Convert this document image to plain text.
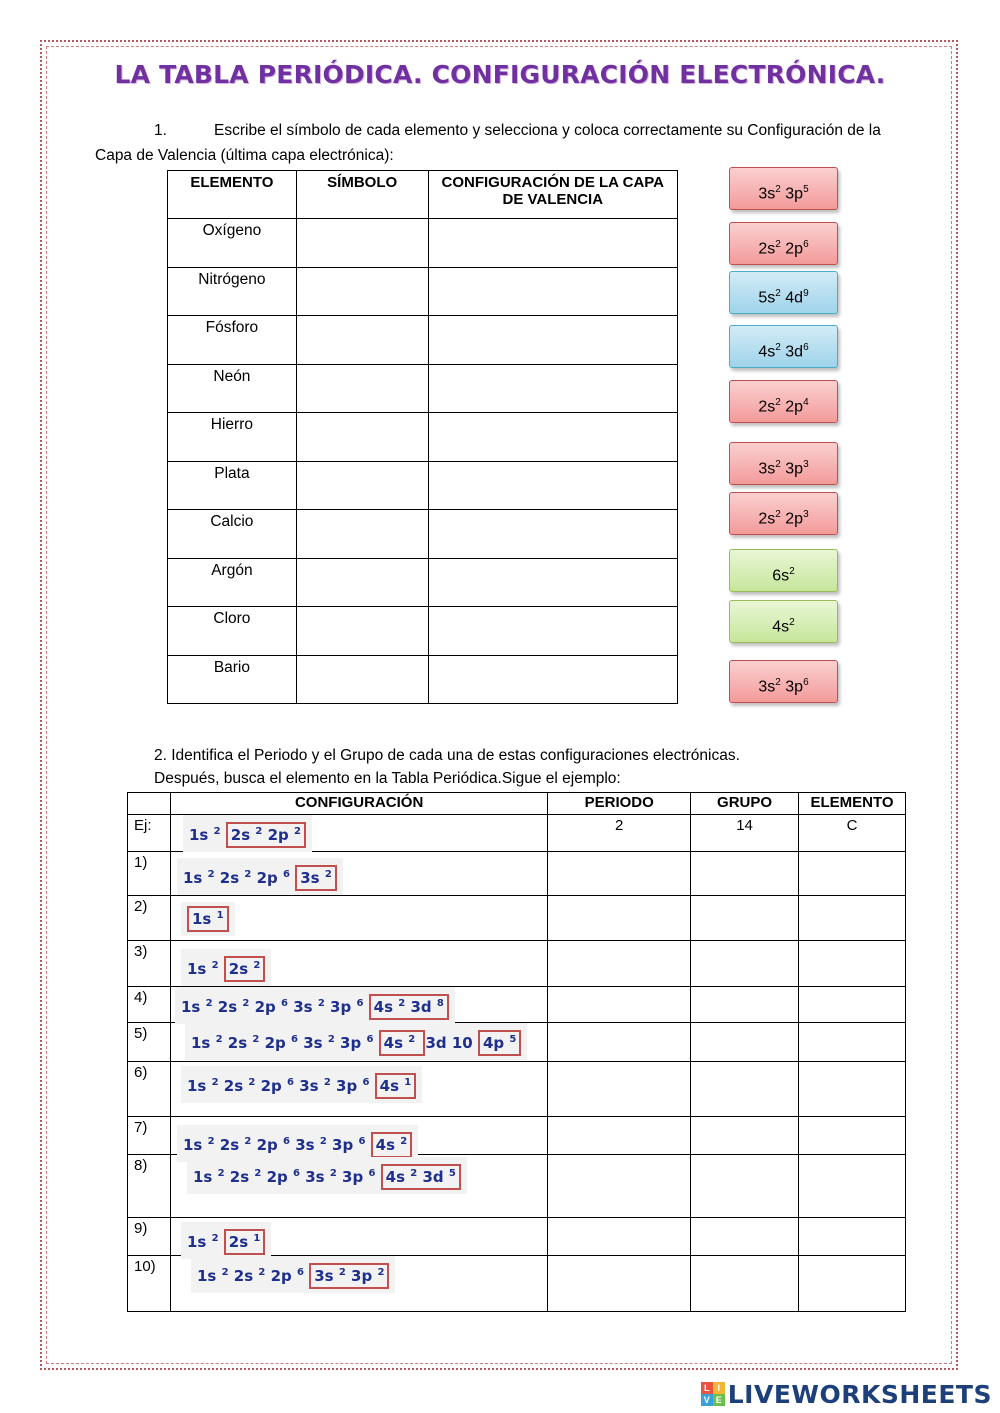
LA TABLA PERIÓDICA. CONFIGURACIÓN ELECTRÓNICA.
1.	Escribe el símbolo de cada elemento y selecciona y coloca correctamente su Configuración de la
Capa de Valencia (última capa electrónica):
ELEMENTO	SÍMBOLO	CONFIGURACIÓN DE LA CAPA DE VALENCIA
Oxígeno		
Nitrógeno		
Fósforo		
Neón		
Hierro		
Plata		
Calcio		
Argón		
Cloro		
Bario		
$3s^2$ $3p^5$
$2s^2$ $2p^6$
$5s^2$ $4d^9$
$4s^2$ $3d^6$
$2s^2$ $2p^4$
$3s^2$ $3p^3$
$2s^2$ $2p^3$
$6s^2$
$4s^2$
$3s^2$ $3p^6$
2. Identifica el Periodo y el Grupo de cada una de estas configuraciones electrónicas.
Después, busca el elemento en la Tabla Periódica.Sigue el ejemplo:
	CONFIGURACIÓN	PERIODO	GRUPO	ELEMENTO
Ej:	1s $^2$ 2s $^2$ 2p $^2$	2	14	C
1)	1s $^2$ 2s $^2$ 2p $^6$ 3s $^2$

2)	1s $^1$

3)	1s $^2$ 2s $^2$

4)	1s $^2$ 2s $^2$ 2p $^6$ 3s $^2$ 3p $^6$ 4s $^2$ 3d $^8$

5)	1s $^2$ 2s $^2$ 2p $^6$ 3s $^2$ 3p $^6$ 4s $^2$ 3d 10 4p $^5$

6)	1s $^2$ 2s $^2$ 2p $^6$ 3s $^2$ 3p $^6$ 4s $^1$

7)	1s $^2$ 2s $^2$ 2p $^6$ 3s $^2$ 3p $^6$ 4s $^2$

8)	1s $^2$ 2s $^2$ 2p $^6$ 3s $^2$ 3p $^6$ 4s $^2$ 3d $^5$

9)	1s $^2$ 2s $^1$

10)	1s $^2$ 2s $^2$ 2p $^6$ 3s $^2$ 3p $^2$

L I
V E LIVEWORKSHEETS
